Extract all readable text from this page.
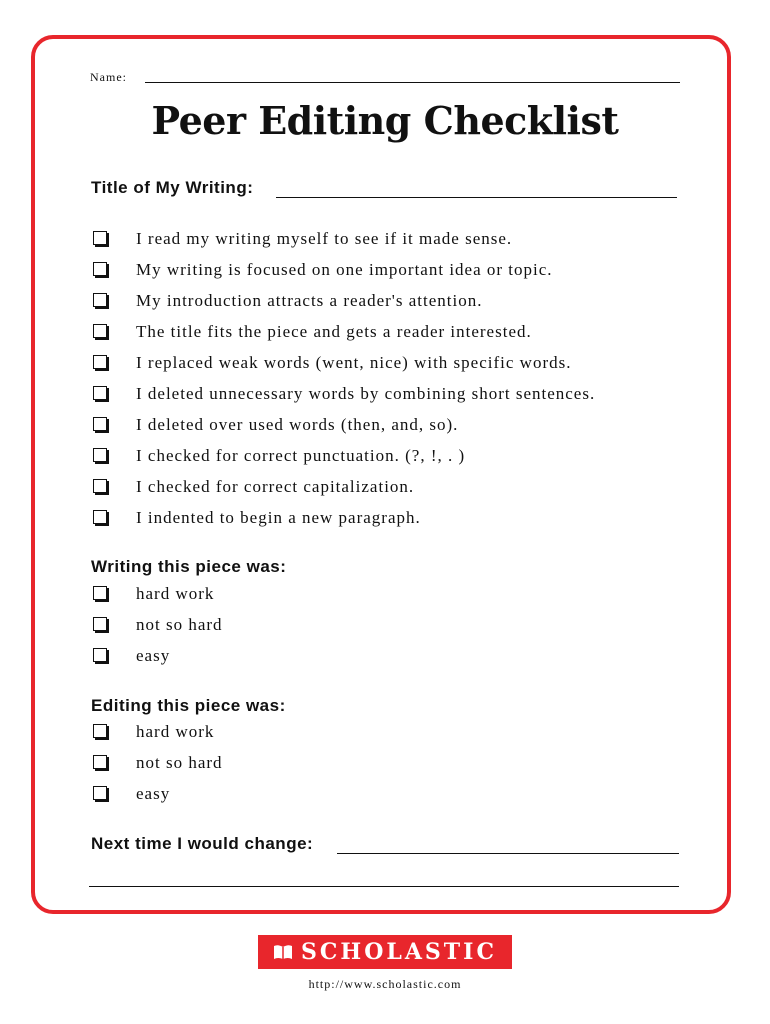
Name:
Peer Editing Checklist
Title of My Writing:
Writing this piece was:
Editing this piece was:
Next time I would change:
SCHOLASTIC
http://www.scholastic.com
I read my writing myself to see if it made sense.
My writing is focused on one important idea or topic.
My introduction attracts a reader's attention.
The title fits the piece and gets a reader interested.
I replaced weak words (went, nice) with specific words.
I deleted unnecessary words by combining short sentences.
I deleted over used words (then, and, so).
I checked for correct punctuation. (?, !, . )
I checked for correct capitalization.
I indented to begin a new paragraph.
hard work
not so hard
easy
hard work
not so hard
easy
